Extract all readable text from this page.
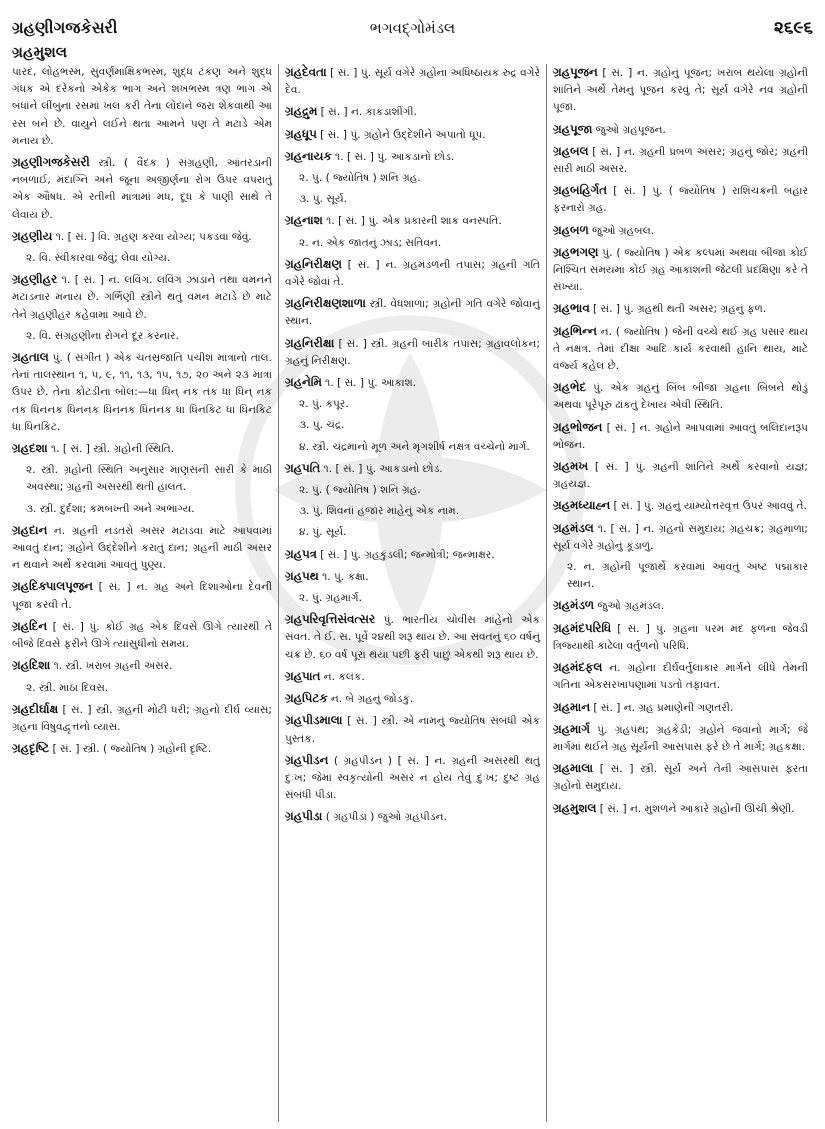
ગ્રહણીગજકેસરી
ગ્રહમુશલ
ભગવદ્ગોમંડલ	૨૬૯૬

પારદ, લોહભસ્મ, સુવર્ણમાક્ષિકભસ્મ, શુદ્ધ ટંકણ અને શુદ્ધ ગંધક એ દરેકનો એકેક ભાગ અને શંખભસ્મ ત્રણ ભાગ એ બધાંને લીંબુના રસમાં ખલ કરી તેના લોંદાને જરા શેકવાથી આ રસ બને છે. વાયુને લઈને થતા આમને પણ તે મટાડે એમ મનાય છે.

ગ્રહણીગજકેસરી સ્ત્રી. ( વૈદક ) સંગ્રહણી, આંતરડાની નબળાઈ, મંદાગ્નિ અને જૂના અજીર્ણના રોગ ઉપર વપરાતું એક ઔષધ. એ રતીની માત્રામાં મધ, દૂધ કે પાણી સાથે તે લેવાય છે.

ગ્રહણીય ૧. [ સં. ] વિ. ગ્રહણ કરવા યોગ્ય; પકડવા જેવું.

૨. વિ. સ્વીકારવા જેવું; લેવા યોગ્ય.

ગ્રહણીહર ૧. [ સં. ] ન. લવિંગ. લવિંગ ઝાડાને તથા વમનને મટાડનાર મનાય છે. ગર્ભિણી સ્ત્રીને થતું વમન મટાડે છે માટે તેને ગ્રહણીહર કહેવામાં આવે છે.

૨. વિ. સંગ્રહણીના રોગને દૂર કરનાર.

ગ્રહતાલ પું. ( સંગીત ) એક ચતસ્રજાતિ પચીશ માત્રાનો તાલ. તેનાં તાલસ્થાન ૧, ૫, ૯, ૧૧, ૧૩, ૧૫, ૧૭, ૨૦ અને ૨૩ માત્રા ઉપર છે. તેના કોટડીના બોલ:—ધા ધિન્ નક તક ધા ધિન્ નક તક ધિનનક ધિનનક ધિનનક ધિનનક ધા ધિનકિટ ધા ધિનકિટ ધા ધિનકિટ.

ગ્રહદશા ૧. [ સં. ] સ્ત્રી. ગ્રહોની સ્થિતિ.

૨. સ્ત્રી. ગ્રહોની સ્થિતિ અનુસાર માણસની સારી કે માઠી અવસ્થા; ગ્રહની અસરથી થતી હાલત.

૩. સ્ત્રી. દુર્દશા; કમબખ્તી અને અભાગ્ય.

ગ્રહદાન ન. ગ્રહની નડતરો અસર મટાડવા માટે આપવામાં આવતું દાન; ગ્રહોને ઉદ્દેશીને કરાતું દાન; ગ્રહની માઠી અસર ન થવાને અર્થે કરવામાં આવતું પુણ્ય.

ગ્રહદિક્પાલપૂજન [ સં. ] ન. ગ્રહ અને દિશાઓના દેવની પૂજા કરવી તે.

ગ્રહદિન [ સં. ] પું. કોઈ ગ્રહ એક દિવસે ઊગે ત્યારથી તે બીજે દિવસે ફરીને ઊગે ત્યાંસુધીનો સમય.

ગ્રહદિશા ૧. સ્ત્રી. ખરાબ ગ્રહની અસર.

૨. સ્ત્રી. માઠા દિવસ.

ગ્રહદીર્ઘાક્ષ [ સં. ] સ્ત્રી. ગ્રહની મોટી ધરી; ગ્રહનો દીર્ઘ વ્યાસ; ગ્રહના વિષુવદ્વૃત્તનો વ્યાસ.

ગ્રહદૃષ્ટિ [ સં. ] સ્ત્રી. ( જ્યોતિષ ) ગ્રહોની દૃષ્ટિ.

ગ્રહદેવતા [ સં. ] પું. સૂર્ય વગેરે ગ્રહોના અધિષ્ઠાયક રુદ્ર વગેરે દેવ.

ગ્રહદ્રુમ [ સં. ] ન. કાકડાશીંગી.

ગ્રહધૂપ [ સં. ] પું. ગ્રહોને ઉદ્દેશીને અપાતો ધૂપ.

ગ્રહનાયક ૧. [ સં. ] પું. આકડાનો છોડ.

૨. પું. ( જ્યોતિષ ) શનિ ગ્રહ.

૩. પું. સૂર્ય.

ગ્રહનાશ ૧. [ સં. ] પું. એક પ્રકારની શાક વનસ્પતિ.

૨. ન. એક જાતનું ઝાડ; સતિવન.

ગ્રહનિરીક્ષણ [ સં. ] ન. ગ્રહમંડળની તપાસ; ગ્રહની ગતિ વગેરે જોવાં તે.

ગ્રહનિરીક્ષણશાળા સ્ત્રી. વેધશાળા; ગ્રહોની ગતિ વગેરે જોવાનું સ્થાન.

ગ્રહનિરીક્ષા [ સં. ] સ્ત્રી. ગ્રહની બારીક તપાસ; ગ્રહાવલોકન; ગ્રહનું નિરીક્ષણ.

ગ્રહનેમિ ૧. [ સં. ] પું. આકાશ.

૨. પું. કપૂર.

૩. પું. ચંદ્ર.

૪. સ્ત્રી. ચંદ્રમાનો મૂળ અને મૃગશીર્ષ નક્ષત્ર વચ્ચેનો માર્ગ.

ગ્રહપતિ ૧. [ સં. ] પું. આકડાનો છોડ.

૨. પું. ( જ્યોતિષ ) શનિ ગ્રહ.

૩. પું. શિવનાં હજાર માંહેનું એક નામ.

૪. પું. સૂર્ય.

ગ્રહપત્ર [ સં. ] પું. ગ્રહકુંડલી; જન્મોત્રી; જન્માક્ષર.

ગ્રહપથ ૧. પું. કક્ષા.

૨. પું. ગ્રહમાર્ગ.

ગ્રહપરિવૃત્તિસંવત્સર પું. ભારતીય ચોવીસ માંહેનો એક સંવત. તે ઈ. સ. પૂર્વે ૨૪થી શરૂ થાય છે. આ સંવતનું ૬૦ વર્ષનું ચક્ર છે. ૬૦ વર્ષ પૂરાં થયા પછી ફરી પાછું એકથી શરૂ થાય છે.

ગ્રહપાત ન. કલંક.

ગ્રહપિટક ન. બે ગ્રહનું જોડકું.

ગ્રહપીડમાલા [ સં. ] સ્ત્રી. એ નામનું જ્યોતિષ સંબંધી એક પુસ્તક.

ગ્રહપીડન ( ગ્રહપીડન ) [ સં. ] ન. ગ્રહની અસરથી થતું દુઃખ; જેમાં સ્વકૃત્યોની અસર ન હોય તેવું દુઃખ; દુષ્ટ ગ્રહ સંબંધી પીડા.

ગ્રહપીડા ( ગ્રહપીડ઼ા ) જુઓ ગ્રહપીડન.

ગ્રહપૂજન [ સં. ] ન. ગ્રહોનું પૂજન; ખરાબ થયેલા ગ્રહોની શાંતિને અર્થે તેમનું પૂજન કરવું તે; સૂર્ય વગેરે નવ ગ્રહોની પૂજા.

ગ્રહપૂજા જુઓ ગ્રહપૂજન.

ગ્રહબલ [ સં. ] ન. ગ્રહની પ્રબળ અસર; ગ્રહનું જોર; ગ્રહની સારી માઠી અસર.

ગ્રહબહિર્ગત [ સં. ] પું. ( જ્યોતિષ ) રાશિચક્રની બહાર ફરનારો ગ્રહ.

ગ્રહબળ જુઓ ગ્રહબલ.

ગ્રહભગણ પું. ( જ્યોતિષ ) એક કલ્પમાં અથવા બીજા કોઈ નિશ્ચિત સમયમાં કોઈ ગ્રહ આકાશની જેટલી પ્રદક્ષિણા કરે તે સંખ્યા.

ગ્રહભાવ [ સં. ] પું. ગ્રહથી થતી અસર; ગ્રહનું ફળ.

ગ્રહભિન્ન ન. ( જ્યોતિષ ) જેની વચ્ચે થઈ ગ્રહ પસાર થાય તે નક્ષત્ર. તેમાં દીક્ષા આદિ કાર્ય કરવાથી હાનિ થાય, માટે વર્જ્ય કહેલ છે.

ગ્રહભેદ પું. એક ગ્રહનું બિંબ બીજા ગ્રહના બિંબને થોડું અથવા પૂરેપૂરું ઢાંકતું દેખાય એવી સ્થિતિ.

ગ્રહભોજન [ સં. ] ન. ગ્રહોને આપવામાં આવતું બલિદાનરૂપ ભોજન.

ગ્રહમખ [ સં. ] પું. ગ્રહની શાંતિને અર્થે કરવાનો યજ્ઞ; ગ્રહયજ્ઞ.

ગ્રહમધ્યાહ્ન [ સં. ] પું. ગ્રહનું યામ્યોત્તરવૃત્ત ઉપર આવવું તે.

ગ્રહમંડલ ૧. [ સં. ] ન. ગ્રહનો સમુદાય; ગ્રહચક્ર; ગ્રહમાળા; સૂર્ય વગેરે ગ્રહોનું કૂંડાળું.

૨. ન. ગ્રહોની પૂજાર્થે કરવામાં આવતું અષ્ટ પદ્માકાર સ્થાન.

ગ્રહમંડળ જુઓ ગ્રહમંડલ.

ગ્રહમંદપરિધિ [ સં. ] પું. ગ્રહના પરમ મંદ ફળના જેવડી ત્રિજ્યાથી કાઢેલા વર્તુળનો પરિધિ.

ગ્રહમંદફલ ન. ગ્રહોના દીર્ઘવર્તુલાકાર માર્ગને લીધે તેમની ગતિના એકસરખાપણામાં પડતો તફાવત.

ગ્રહમાન [ સં. ] ન. ગ્રહ પ્રમાણેની ગણતરી.

ગ્રહમાર્ગ પું. ગ્રહપંથ; ગ્રહકેડી; ગ્રહોને જવાનો માર્ગ; જે માર્ગમાં થઈને ગ્રહ સૂર્યની આસપાસ ફરે છે તે માર્ગ; ગ્રહકક્ષા.

ગ્રહમાલા [ સં. ] સ્ત્રી. સૂર્ય અને તેની આસપાસ ફરતા ગ્રહોનો સમુદાય.

ગ્રહમુશલ [ સં. ] ન. મુશળને આકારે ગ્રહોની ઊંચી શ્રેણી.
